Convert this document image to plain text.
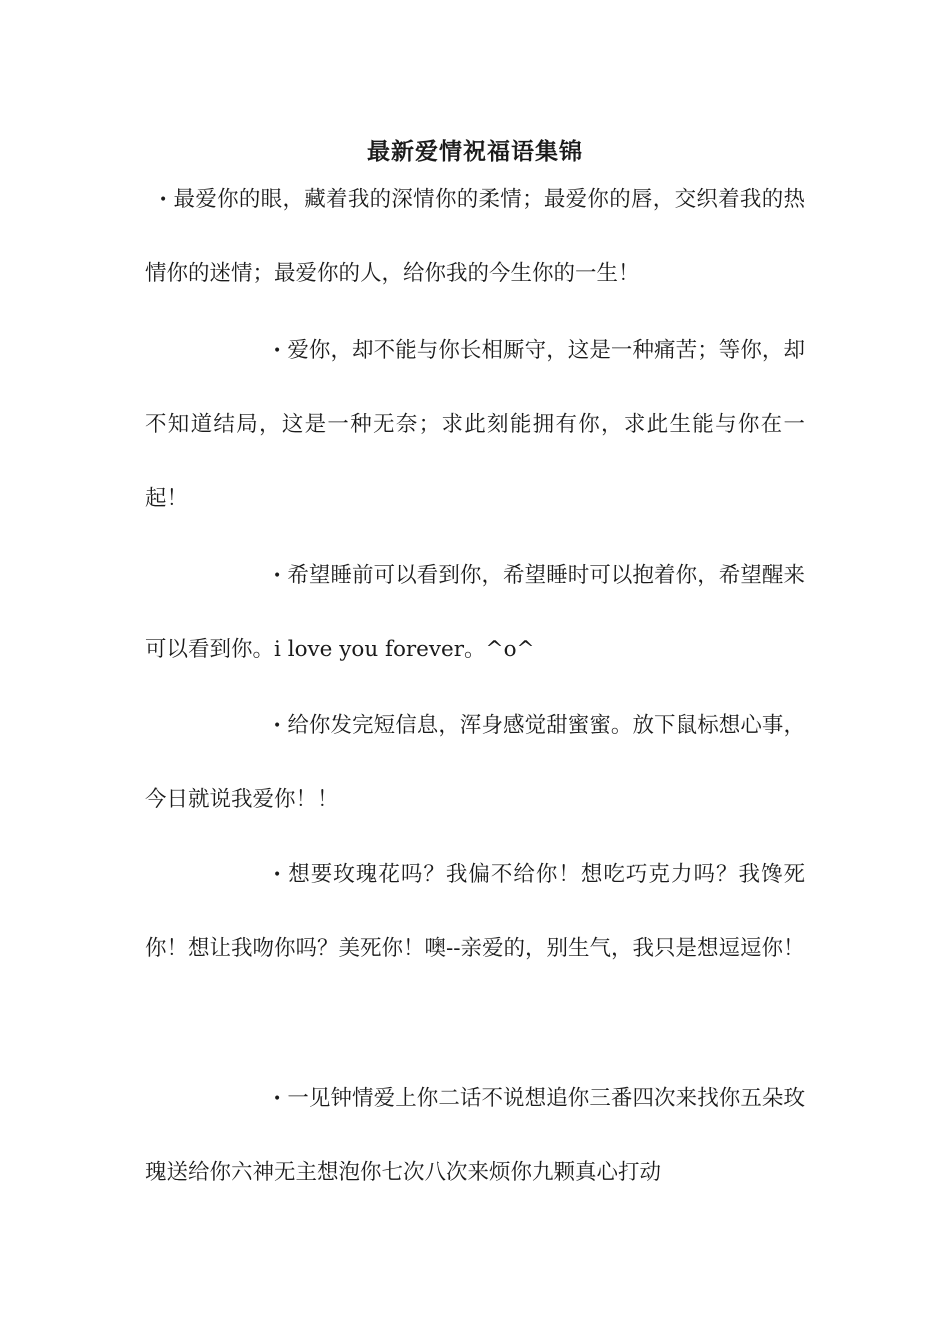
最新爱情祝福语集锦
• 最爱你的眼，藏着我的深情你的柔情；最爱你的唇，交织着我的热情你的迷情；最爱你的人，给你我的今生你的一生！
• 爱你，却不能与你长相厮守，这是一种痛苦；等你，却不知道结局，这是一种无奈；求此刻能拥有你，求此生能与你在一起！
• 希望睡前可以看到你，希望睡时可以抱着你，希望醒来可以看到你。i love you forever。^o^
• 给你发完短信息，浑身感觉甜蜜蜜。放下鼠标想心事，今日就说我爱你！！
• 想要玫瑰花吗？我偏不给你！想吃巧克力吗？我馋死你！想让我吻你吗？美死你！噢--亲爱的，别生气，我只是想逗逗你！
• 一见钟情爱上你二话不说想追你三番四次来找你五朵玫瑰送给你六神无主想泡你七次八次来烦你九颗真心打动
